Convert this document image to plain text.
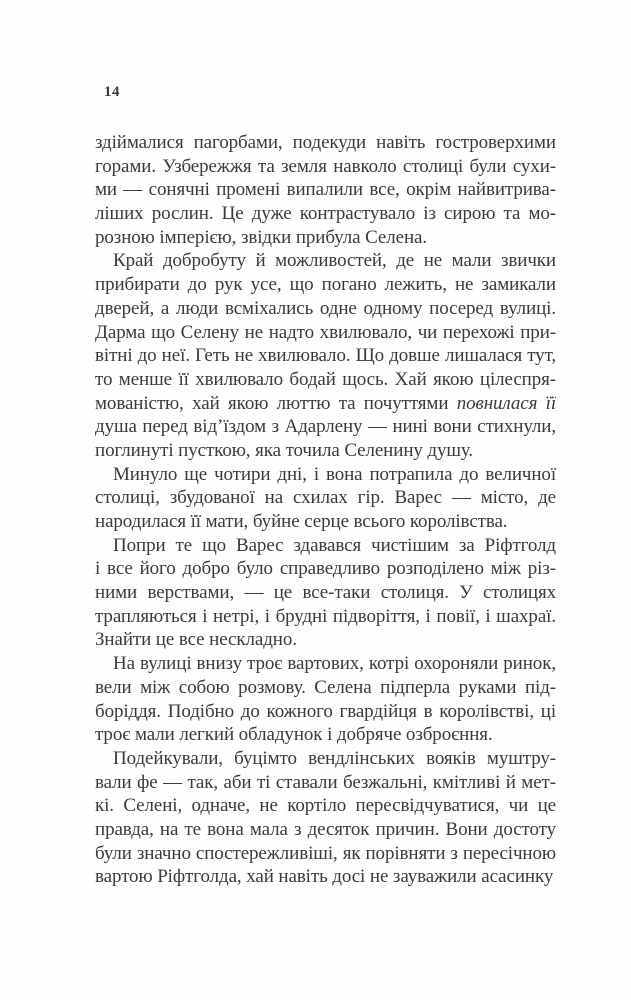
14
здіймалися пагорбами, подекуди навіть гостроверхими
горами. Узбережжя та земля навколо столиці були сухи-
ми — сонячні промені випалили все, окрім найвитрива-
ліших рослин. Це дуже контрастувало із сирою та мо-
розною імперією, звідки прибула Селена.
Край добробуту й можливостей, де не мали звички
прибирати до рук усе, що погано лежить, не замикали
дверей, а люди всміхались одне одному посеред вулиці.
Дарма що Селену не надто хвилювало, чи перехожі при-
вітні до неї. Геть не хвилювало. Що довше лишалася тут,
то менше її хвилювало бодай щось. Хай якою цілеспря-
мованістю, хай якою люттю та почуттями повнилася її
душа перед від’їздом з Адарлену — нині вони стихнули,
поглинуті пусткою, яка точила Селенину душу.
Минуло ще чотири дні, і вона потрапила до величної
столиці, збудованої на схилах гір. Варес — місто, де
народилася її мати, буйне серце всього королівства.
Попри те що Варес здавався чистішим за Ріфтголд
і все його добро було справедливо розподілено між різ-
ними верствами, — це все-таки столиця. У столицях
трапляються і нетрі, і брудні підворіття, і повії, і шахраї.
Знайти це все нескладно.
На вулиці внизу троє вартових, котрі охороняли ринок,
вели між собою розмову. Селена підперла руками під-
боріддя. Подібно до кожного гвардійця в королівстві, ці
троє мали легкий обладунок і добряче озброєння.
Подейкували, буцімто вендлінських вояків муштру-
вали фе — так, аби ті ставали безжальні, кмітливі й мет-
кі. Селені, одначе, не кортіло пересвідчуватися, чи це
правда, на те вона мала з десяток причин. Вони достоту
були значно спостережливіші, як порівняти з пересічною
вартою Ріфтголда, хай навіть досі не зауважили асасинку
